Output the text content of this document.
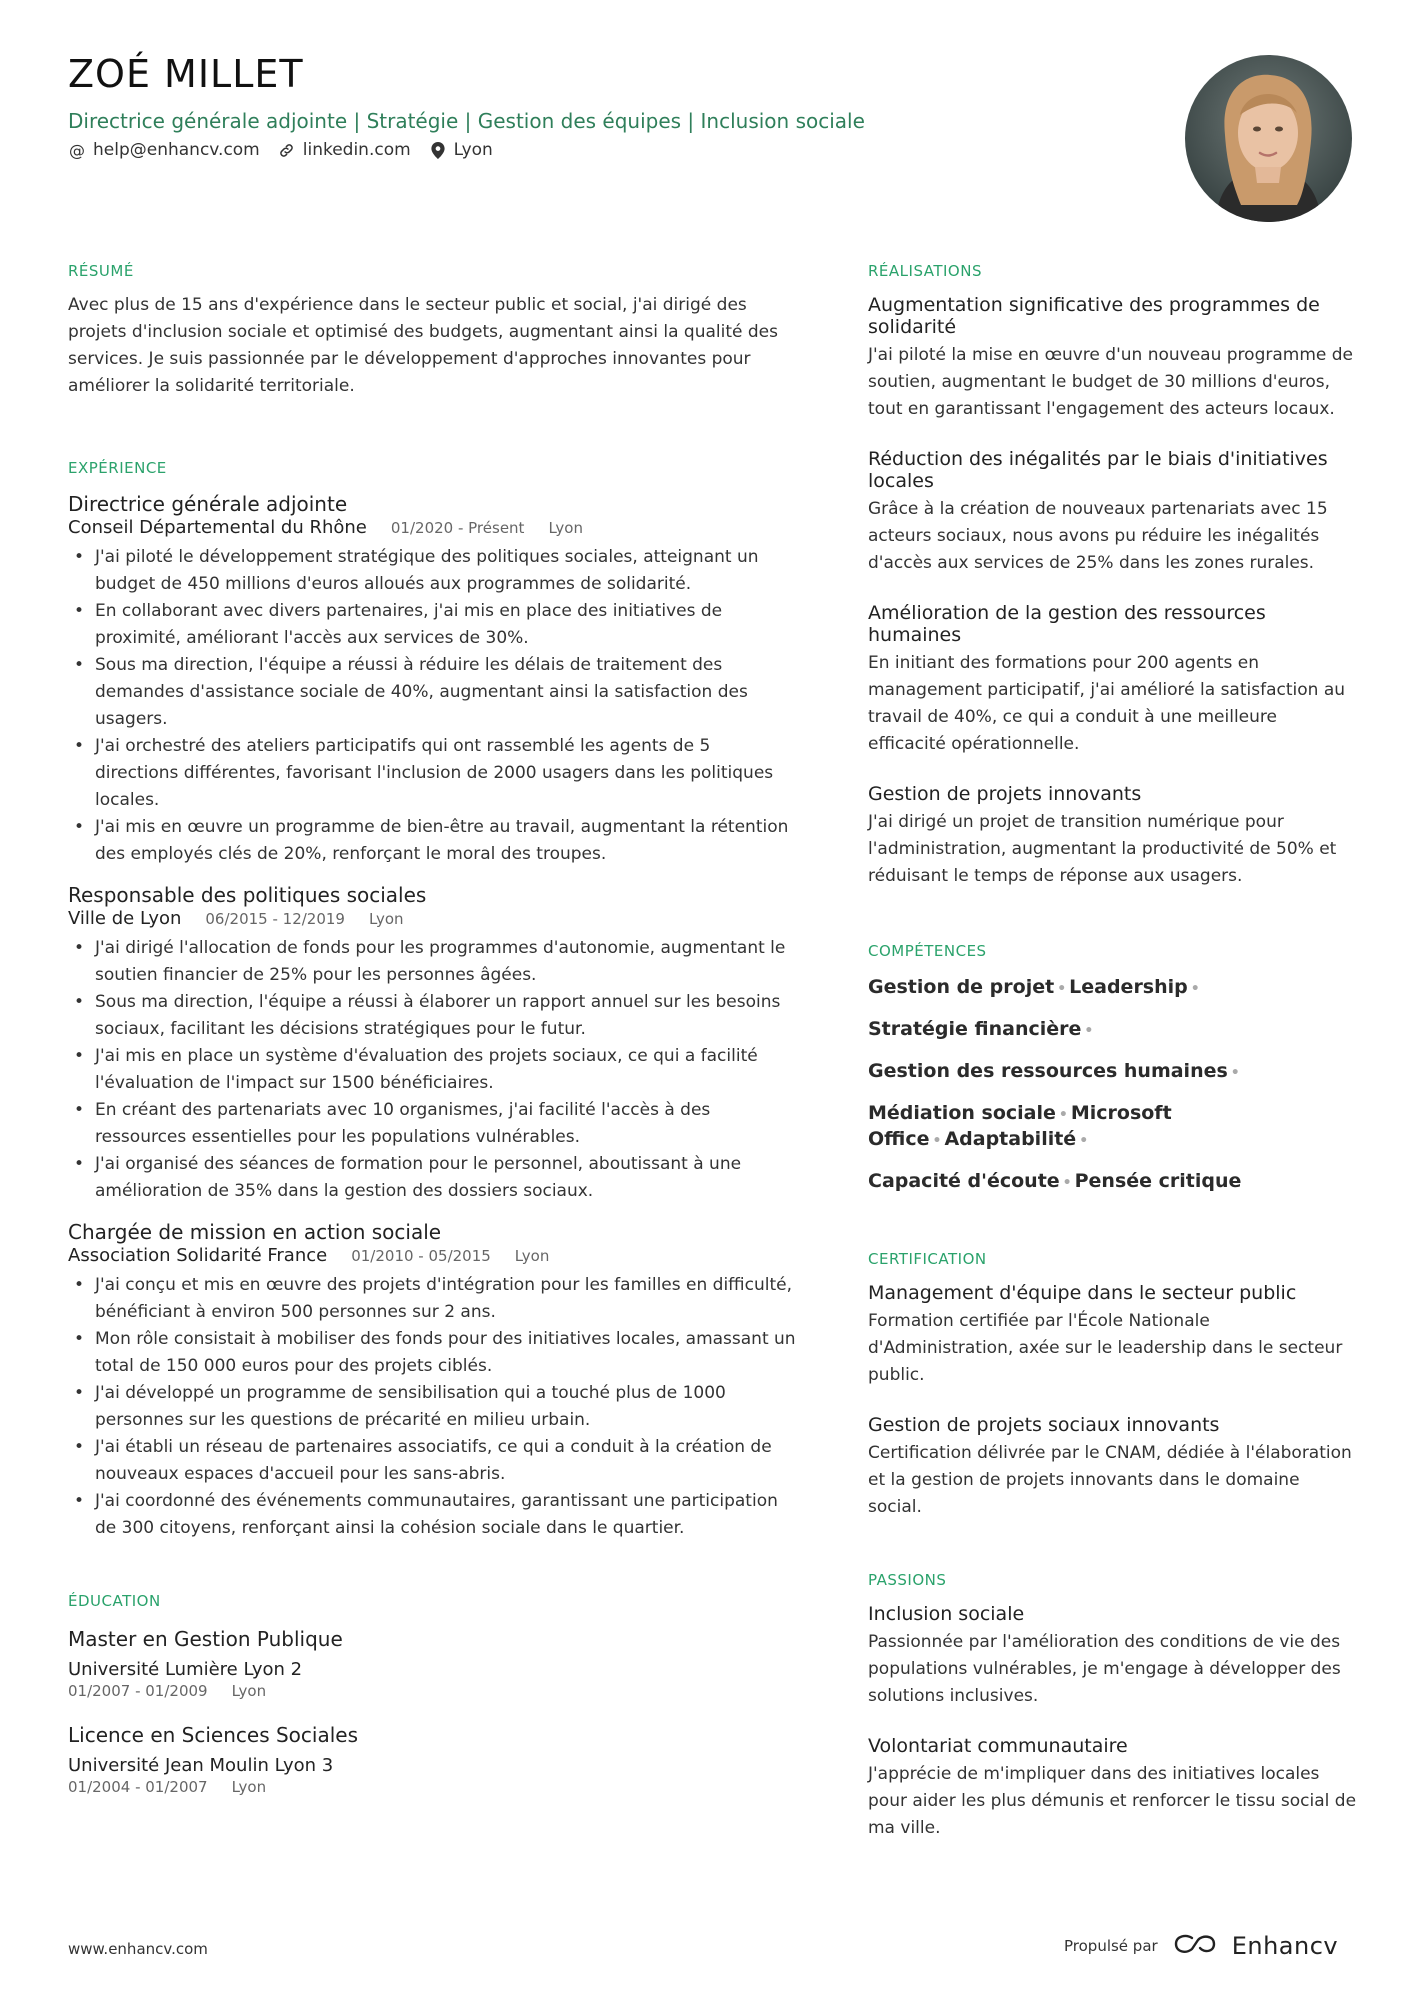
ZOÉ MILLET
Directrice générale adjointe | Stratégie | Gestion des équipes | Inclusion sociale
@ help@enhancv.com	linkedin.com	Lyon
RÉSUMÉ

Avec plus de 15 ans d'expérience dans le secteur public et social, j'ai dirigé des projets d'inclusion sociale et optimisé des budgets, augmentant ainsi la qualité des services. Je suis passionnée par le développement d'approches innovantes pour améliorer la solidarité territoriale.

EXPÉRIENCE
Directrice générale adjointe
Conseil Départemental du Rhône 01/2020 - Présent Lyon
• J'ai piloté le développement stratégique des politiques sociales, atteignant un budget de 450 millions d'euros alloués aux programmes de solidarité.
• En collaborant avec divers partenaires, j'ai mis en place des initiatives de proximité, améliorant l'accès aux services de 30%.
• Sous ma direction, l'équipe a réussi à réduire les délais de traitement des demandes d'assistance sociale de 40%, augmentant ainsi la satisfaction des usagers.
• J'ai orchestré des ateliers participatifs qui ont rassemblé les agents de 5 directions différentes, favorisant l'inclusion de 2000 usagers dans les politiques locales.
• J'ai mis en œuvre un programme de bien-être au travail, augmentant la rétention des employés clés de 20%, renforçant le moral des troupes.
Responsable des politiques sociales
Ville de Lyon 06/2015 - 12/2019 Lyon
• J'ai dirigé l'allocation de fonds pour les programmes d'autonomie, augmentant le soutien financier de 25% pour les personnes âgées.
• Sous ma direction, l'équipe a réussi à élaborer un rapport annuel sur les besoins sociaux, facilitant les décisions stratégiques pour le futur.
• J'ai mis en place un système d'évaluation des projets sociaux, ce qui a facilité l'évaluation de l'impact sur 1500 bénéficiaires.
• En créant des partenariats avec 10 organismes, j'ai facilité l'accès à des ressources essentielles pour les populations vulnérables.
• J'ai organisé des séances de formation pour le personnel, aboutissant à une amélioration de 35% dans la gestion des dossiers sociaux.
Chargée de mission en action sociale
Association Solidarité France 01/2010 - 05/2015 Lyon
• J'ai conçu et mis en œuvre des projets d'intégration pour les familles en difficulté, bénéficiant à environ 500 personnes sur 2 ans.
• Mon rôle consistait à mobiliser des fonds pour des initiatives locales, amassant un total de 150 000 euros pour des projets ciblés.
• J'ai développé un programme de sensibilisation qui a touché plus de 1000 personnes sur les questions de précarité en milieu urbain.
• J'ai établi un réseau de partenaires associatifs, ce qui a conduit à la création de nouveaux espaces d'accueil pour les sans-abris.
• J'ai coordonné des événements communautaires, garantissant une participation de 300 citoyens, renforçant ainsi la cohésion sociale dans le quartier.
ÉDUCATION
Master en Gestion Publique
Université Lumière Lyon 2
01/2007 - 01/2009 Lyon
Licence en Sciences Sociales
Université Jean Moulin Lyon 3
01/2004 - 01/2007 Lyon
RÉALISATIONS
Augmentation significative des programmes de solidarité

J'ai piloté la mise en œuvre d'un nouveau programme de soutien, augmentant le budget de 30 millions d'euros, tout en garantissant l'engagement des acteurs locaux.

Réduction des inégalités par le biais d'initiatives locales

Grâce à la création de nouveaux partenariats avec 15 acteurs sociaux, nous avons pu réduire les inégalités d'accès aux services de 25% dans les zones rurales.

Amélioration de la gestion des ressources humaines

En initiant des formations pour 200 agents en management participatif, j'ai amélioré la satisfaction au travail de 40%, ce qui a conduit à une meilleure efficacité opérationnelle.

Gestion de projets innovants

J'ai dirigé un projet de transition numérique pour l'administration, augmentant la productivité de 50% et réduisant le temps de réponse aux usagers.

COMPÉTENCES
Gestion de projet • Leadership •
Stratégie financière •
Gestion des ressources humaines •
Médiation sociale • Microsoft Office • Adaptabilité •
Capacité d'écoute • Pensée critique
CERTIFICATION
Management d'équipe dans le secteur public

Formation certifiée par l'École Nationale d'Administration, axée sur le leadership dans le secteur public.

Gestion de projets sociaux innovants

Certification délivrée par le CNAM, dédiée à l'élaboration et la gestion de projets innovants dans le domaine social.

PASSIONS
Inclusion sociale

Passionnée par l'amélioration des conditions de vie des populations vulnérables, je m'engage à développer des solutions inclusives.

Volontariat communautaire

J'apprécie de m'impliquer dans des initiatives locales pour aider les plus démunis et renforcer le tissu social de ma ville.

www.enhancv.com	Propulsé par	Enhancv
